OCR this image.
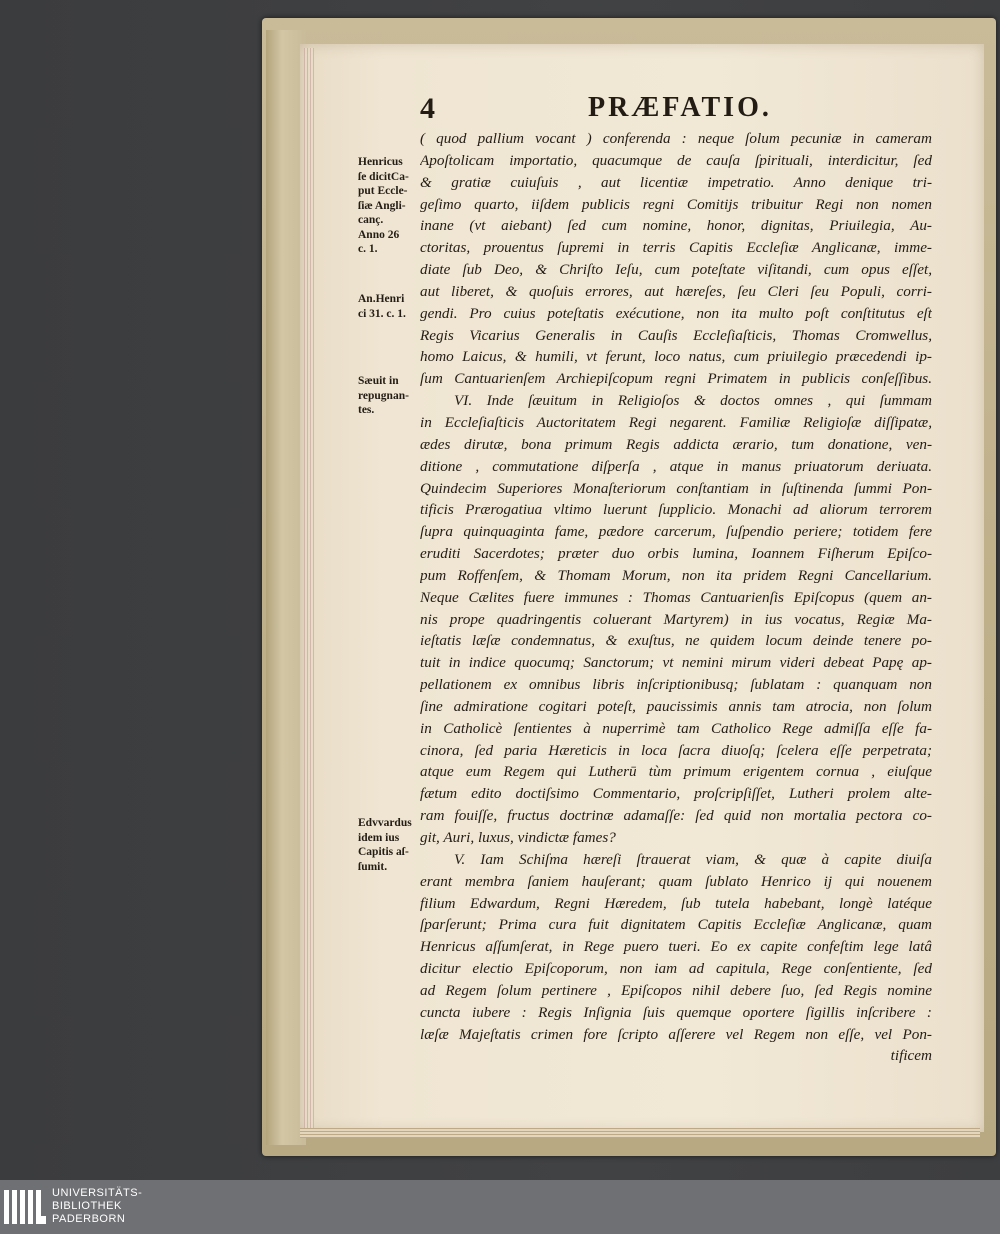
4	PRÆFATIO.
Henricus
ſe dicitCa-
put Eccle-
ſiæ Angli-
canç.
Anno 26
c. 1.
An.Henri
ci 31. c. 1.
Sæuit in
repugnan-
tes.
Edvvardus
idem ius
Capitis aſ-
ſumit.
( quod pallium vocant ) conferenda : neque ſolum pecuniæ in cameram
Apoſtolicam importatio, quacumque de cauſa ſpirituali, interdicitur, ſed
& gratiæ cuiuſuis , aut licentiæ impetratio. Anno denique tri-
geſimo quarto, iiſdem publicis regni Comitijs tribuitur Regi non nomen
inane (vt aiebant) ſed cum nomine, honor, dignitas, Priuilegia, Au-
ctoritas, prouentus ſupremi in terris Capitis Eccleſiæ Anglicanæ, imme-
diate ſub Deo, & Chriſto Ieſu, cum poteſtate viſitandi, cum opus eſſet,
aut liberet, & quoſuis errores, aut hæreſes, ſeu Cleri ſeu Populi, corri-
gendi. Pro cuius poteſtatis exécutione, non ita multo poſt conſtitutus eſt
Regis Vicarius Generalis in Cauſis Eccleſiaſticis, Thomas Cromwellus,
homo Laicus, & humili, vt ferunt, loco natus, cum priuilegio præcedendi ip-
ſum Cantuarienſem Archiepiſcopum regni Primatem in publicis conſeſſibus.
VI. Inde ſæuitum in Religioſos & doctos omnes , qui ſummam
in Eccleſiaſticis Auctoritatem Regi negarent. Familiæ Religioſæ diſſipatæ,
ædes dirutæ, bona primum Regis addicta ærario, tum donatione, ven-
ditione , commutatione diſperſa , atque in manus priuatorum deriuata.
Quindecim Superiores Monaſteriorum conſtantiam in ſuſtinenda ſummi Pon-
tificis Prærogatiua vltimo luerunt ſupplicio. Monachi ad aliorum terrorem
ſupra quinquaginta fame, pædore carcerum, ſuſpendio periere; totidem fere
eruditi Sacerdotes; præter duo orbis lumina, Ioannem Fiſherum Epiſco-
pum Roffenſem, & Thomam Morum, non ita pridem Regni Cancellarium.
Neque Cælites fuere immunes : Thomas Cantuarienſis Epiſcopus (quem an-
nis prope quadringentis coluerant Martyrem) in ius vocatus, Regiæ Ma-
ieſtatis læſæ condemnatus, & exuſtus, ne quidem locum deinde tenere po-
tuit in indice quocumq; Sanctorum; vt nemini mirum videri debeat Papę ap-
pellationem ex omnibus libris inſcriptionibusq; ſublatam : quanquam non
ſine admiratione cogitari poteſt, paucissimis annis tam atrocia, non ſolum
in Catholicè ſentientes à nuperrimè tam Catholico Rege admiſſa eſſe fa-
cinora, ſed paria Hæreticis in loca ſacra diuoſq; ſcelera eſſe perpetrata;
atque eum Regem qui Lutherū tùm primum erigentem cornua , eiuſque
fætum edito doctiſsimo Commentario, proſcripſiſſet, Lutheri prolem alte-
ram fouiſſe, fructus doctrinæ adamaſſe: ſed quid non mortalia pectora co-
git, Auri, luxus, vindictæ fames?
V. Iam Schiſma hæreſi ſtrauerat viam, & quæ à capite diuiſa
erant membra ſaniem hauſerant; quam ſublato Henrico ij qui nouenem
filium Edwardum, Regni Hæredem, ſub tutela habebant, longè latéque
ſparſerunt; Prima cura fuit dignitatem Capitis Eccleſiæ Anglicanæ, quam
Henricus aſſumſerat, in Rege puero tueri. Eo ex capite confeſtim lege latâ
dicitur electio Epiſcoporum, non iam ad capitula, Rege conſentiente, ſed
ad Regem ſolum pertinere , Epiſcopos nihil debere ſuo, ſed Regis nomine
cuncta iubere : Regis Inſignia ſuis quemque oportere ſigillis inſcribere :
læſæ Majeſtatis crimen fore ſcripto aſſerere vel Regem non eſſe, vel Pon-
tificem
UNIVERSITÄTS-
BIBLIOTHEK
PADERBORN
